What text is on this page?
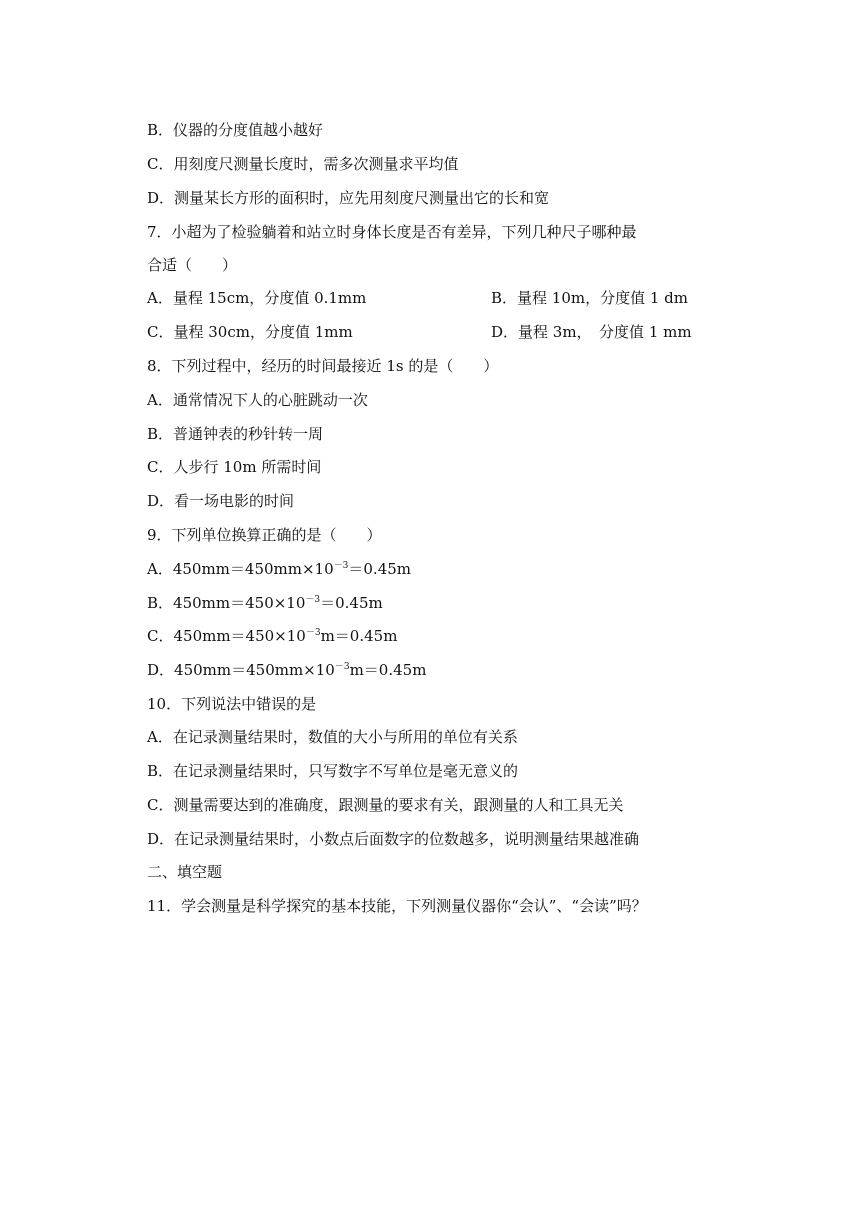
B．仪器的分度值越小越好
C．用刻度尺测量长度时，需多次测量求平均值
D．测量某长方形的面积时，应先用刻度尺测量出它的长和宽
7．小超为了检验躺着和站立时身体长度是否有差异，下列几种尺子哪种最
合适（　　）
A．量程 15cm，分度值 0.1mm	B．量程 10m，分度值 1 dm
C．量程 30cm，分度值 1mm	D．量程 3m，　分度值 1 mm
8．下列过程中，经历的时间最接近 1s 的是（　　）
A．通常情况下人的心脏跳动一次
B．普通钟表的秒针转一周
C．人步行 10m 所需时间
D．看一场电影的时间
9．下列单位换算正确的是（　　）
A．$450mm=450mm\times 10^{-3}=0.45m$
B．$450mm=450\times 10^{-3}=0.45m$
C．$450mm=450\times 10^{-3}m=0.45m$
D．$450mm=450mm\times 10^{-3}m=0.45m$
10．下列说法中错误的是
A．在记录测量结果时，数值的大小与所用的单位有关系
B．在记录测量结果时，只写数字不写单位是毫无意义的
C．测量需要达到的准确度，跟测量的要求有关，跟测量的人和工具无关
D．在记录测量结果时，小数点后面数字的位数越多，说明测量结果越准确
二、填空题
11．学会测量是科学探究的基本技能，下列测量仪器你“会认”、“会读”吗？
